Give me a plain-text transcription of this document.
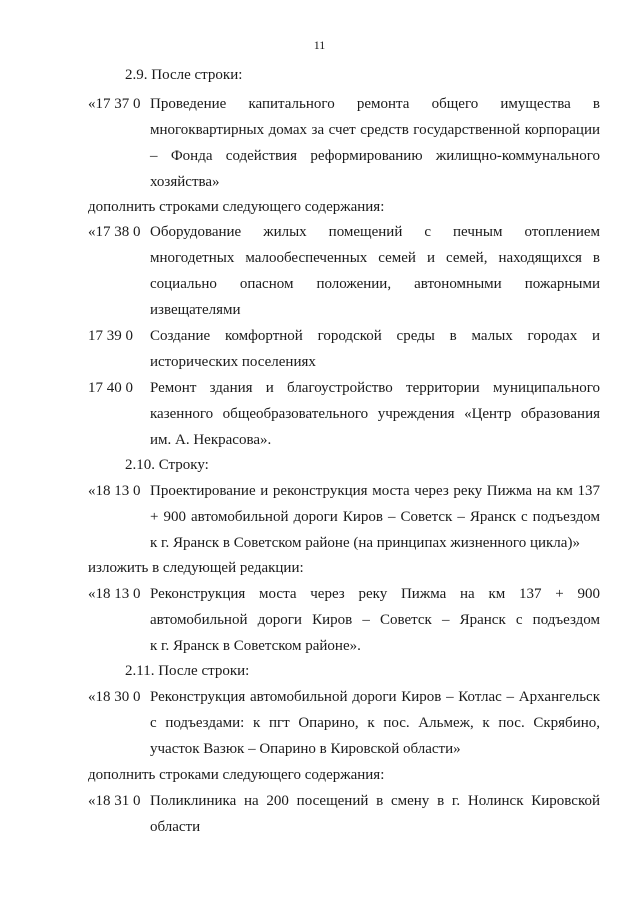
11
2.9. После строки:
«17 37 0 Проведение капитального ремонта общего имущества в
многоквартирных домах за счет средств государственной корпорации
– Фонда содействия реформированию жилищно-коммунального
хозяйства»
дополнить строками следующего содержания:
«17 38 0 Оборудование жилых помещений с печным отоплением
многодетных малообеспеченных семей и семей, находящихся в
социально опасном положении, автономными пожарными
извещателями
17 39 0 Создание комфортной городской среды в малых городах и
исторических поселениях
17 40 0 Ремонт здания и благоустройство территории муниципального
казенного общеобразовательного учреждения «Центр образования
им. А. Некрасова».
2.10. Строку:
«18 13 0 Проектирование и реконструкция моста через реку Пижма на км 137
+ 900 автомобильной дороги Киров – Советск – Яранск с подъездом
к г. Яранск в Советском районе (на принципах жизненного цикла)»
изложить в следующей редакции:
«18 13 0 Реконструкция моста через реку Пижма на км 137 + 900
автомобильной дороги Киров – Советск – Яранск с подъездом
к г. Яранск в Советском районе».
2.11. После строки:
«18 30 0 Реконструкция автомобильной дороги Киров – Котлас – Архангельск
с подъездами: к пгт Опарино, к пос. Альмеж, к пос. Скрябино,
участок Вазюк – Опарино в Кировской области»
дополнить строками следующего содержания:
«18 31 0 Поликлиника на 200 посещений в смену в г. Нолинск Кировской
области
